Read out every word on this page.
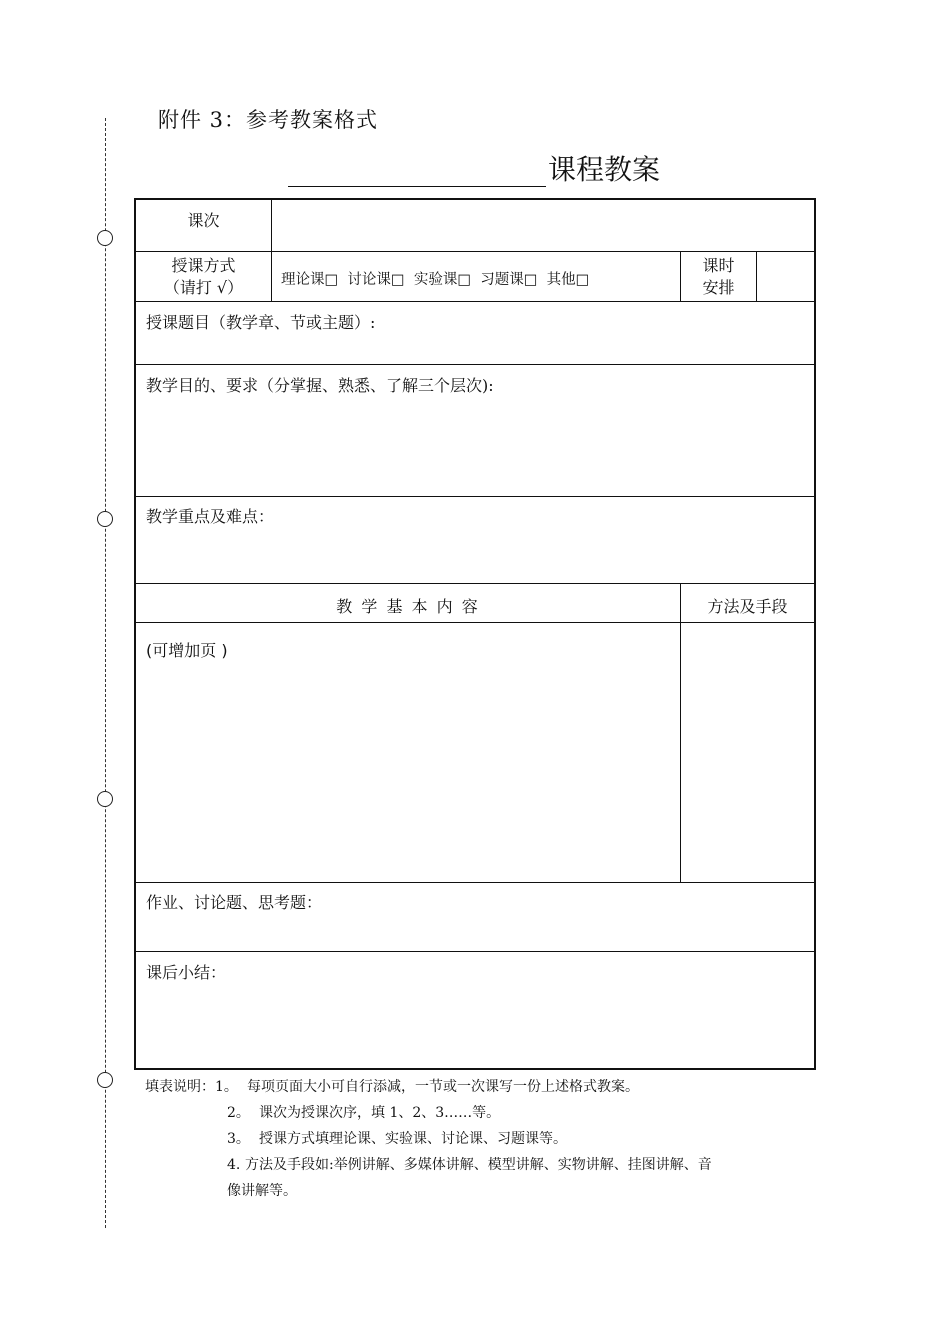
附件 3：参考教案格式
课程教案
课次
授课方式
（请打 √）	理论课□  讨论课□  实验课□  习题课□  其他□
课时
安排
授课题目（教学章、节或主题）:
教学目的、要求（分掌握、熟悉、了解三个层次):
教学重点及难点：
教 学 基 本 内 容	方法及手段
(可增加页 )
作业、讨论题、思考题：
课后小结：
填表说明：1。 每项页面大小可自行添减，一节或一次课写一份上述格式教案。
2。 课次为授课次序，填 1、2、3……等。
3。 授课方式填理论课、实验课、讨论课、习题课等。
4. 方法及手段如:举例讲解、多媒体讲解、模型讲解、实物讲解、挂图讲解、音
像讲解等。
